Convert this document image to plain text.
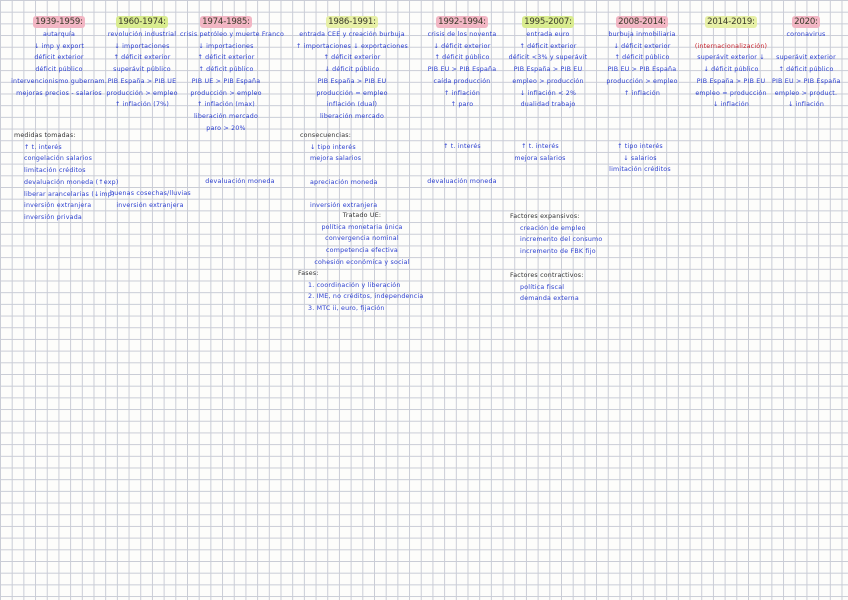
1939-1959:
autarquía
↓ imp y export
déficit exterior
déficit público
intervencionismo gubernam.
mejoras precios - salarios
1960-1974:
revolución industrial
↓ importaciones
↑ déficit exterior
superávit público
PIB España > PIB UE
producción > empleo
↑ inflación (7%)
1974-1985:
crisis petróleo y muerte Franco
↓ importaciones
↑ déficit exterior
↑ déficit público
PIB UE > PIB España
producción > empleo
↑ inflación (max)
liberación mercado
paro > 20%
1986-1991:
entrada CEE y creación burbuja
↑ importaciones ↓ exportaciones
↑ déficit exterior
↓ déficit público
PIB España > PIB EU
producción = empleo
inflación (dual)
liberación mercado
1992-1994:
crisis de los noventa
↓ déficit exterior
↑ déficit público
PIB EU > PIB España
caída producción
↑ inflación
↑ paro
1995-2007:
entrada euro
↑ déficit exterior
déficit <3% y superávit
PIB España > PIB EU
empleo > producción
↓ inflación < 2%
dualidad trabajo
2008-2014:
burbuja inmobiliaria
↓ déficit exterior
↑ déficit público
PIB EU > PIB España
producción > empleo
↑ inflación
2014-2019:

(internacionalización)
superávit exterior ↓
↓ déficit público
PIB España > PIB EU
empleo = producción
↓ inflación
2020:
coronavirus

superávit exterior
↑ déficit público
PIB EU > PIB España
empleo > product.
↓ inflación
medidas tomadas:
↑ t. interés
congelación salarios
limitación créditos
devaluación moneda (↑exp)
liberar arancelarias (↓imp)
inversión extranjera
inversión privada
buenas cosechas/lluvias
inversión extranjera
devaluación moneda
consecuencias:
↓ tipo interés
mejora salarios

apreciación moneda

inversión extranjera
Tratado UE:
política monetaria única
convergencia nominal
competencia efectiva
cohesión económica y social
Fases:
1. coordinación y liberación
2. IME, no créditos, independencia
3. MTC ii, euro, fijación
↑ t. interés

devaluación moneda
↑ t. interés
mejora salarios
Factores expansivos:
creación de empleo
incremento del consumo
incremento de FBK fijo
Factores contractivos:
política fiscal
demanda externa
↑ tipo interés
↓ salarios
limitación créditos
